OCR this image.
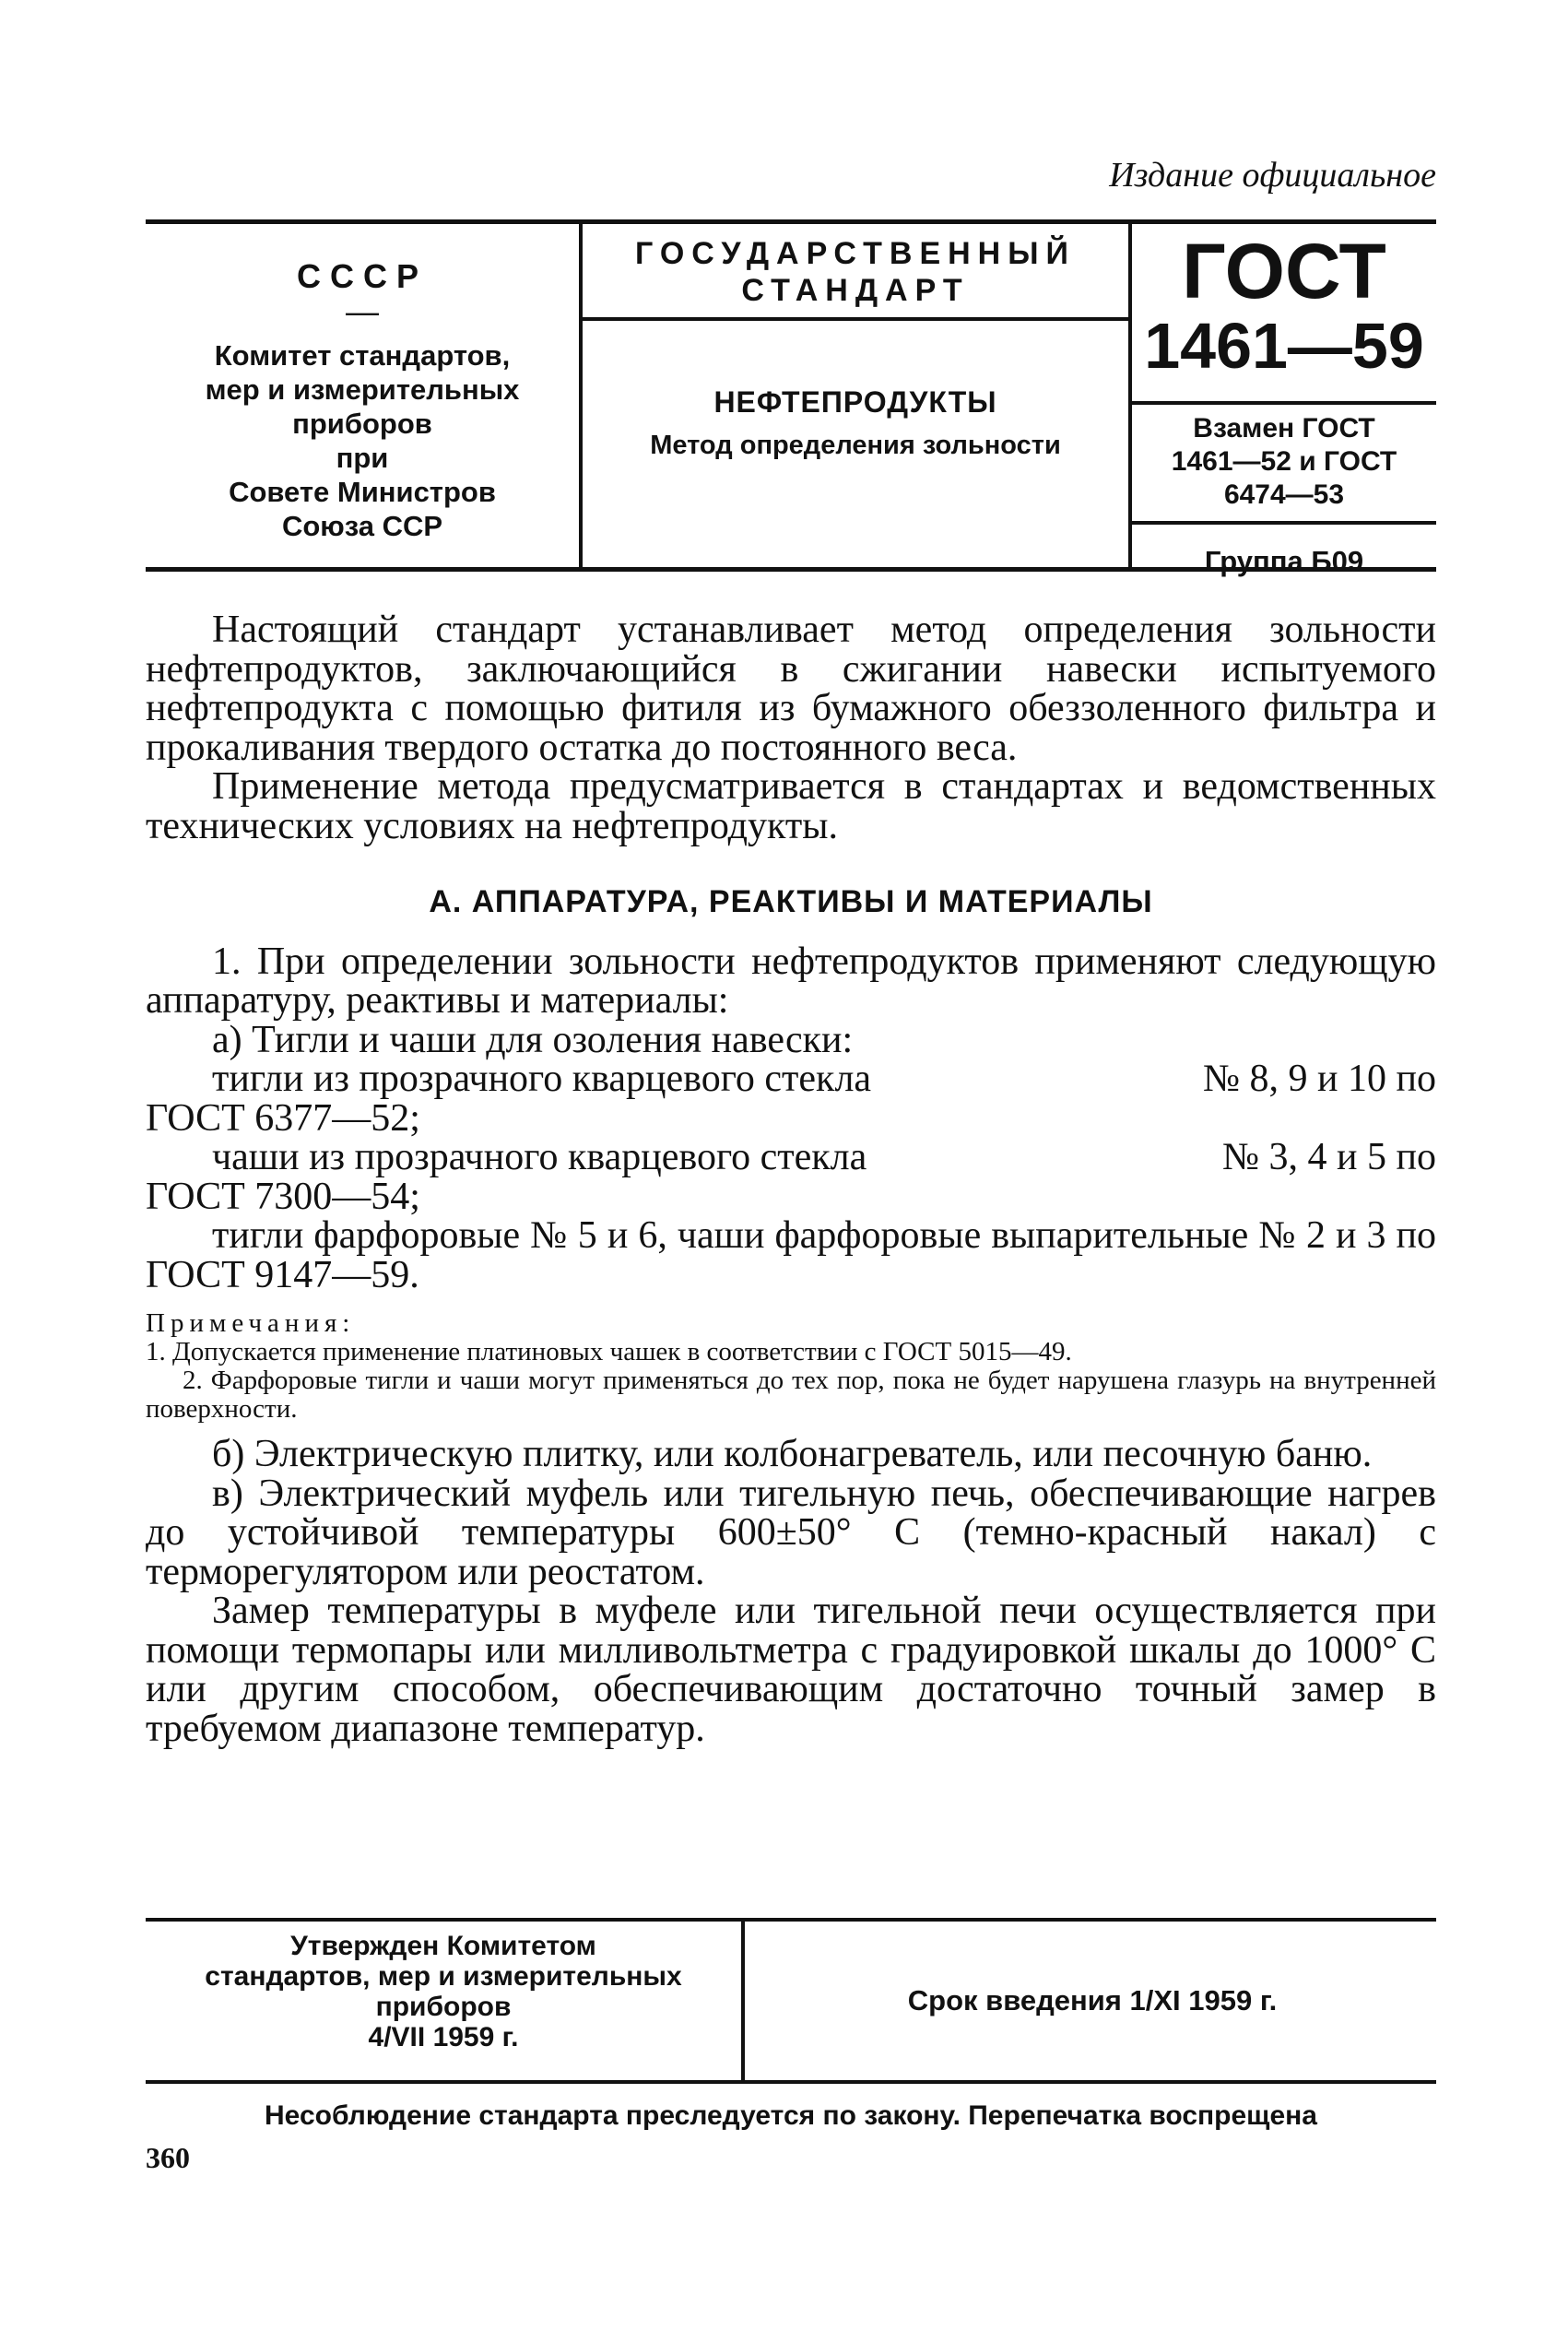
Издание официальное
СССР
—
Комитет стандартов,
мер и измерительных
приборов
при
Совете Министров
Союза ССР
ГОСУДАРСТВЕННЫЙ
СТАНДАРТ
НЕФТЕПРОДУКТЫ
Метод определения зольности
ГОСТ
1461—59
Взамен ГОСТ
1461—52 и ГОСТ
6474—53
Группа Б09

Настоящий стандарт устанавливает метод определения зольности нефтепродуктов, заключающийся в сжигании навески испытуемого нефтепродукта с помощью фитиля из бумажного обеззоленного фильтра и прокаливания твердого остатка до постоянного веса.

Применение метода предусматривается в стандартах и ведомственных технических условиях на нефтепродукты.

А. АППАРАТУРА, РЕАКТИВЫ И МАТЕРИАЛЫ

1. При определении зольности нефтепродуктов применяют следующую аппаратуру, реактивы и материалы:

а) Тигли и чаши для озоления навески:

тигли из прозрачного кварцевого стекла	№ 8, 9 и 10 по

ГОСТ 6377—52;

чаши из прозрачного кварцевого стекла	№ 3, 4 и 5 по

ГОСТ 7300—54;

тигли фарфоровые № 5 и 6, чаши фарфоровые выпарительные № 2 и 3 по ГОСТ 9147—59.

Примечания:

1. Допускается применение платиновых чашек в соответствии с ГОСТ 5015—49.

2. Фарфоровые тигли и чаши могут применяться до тех пор, пока не будет нарушена глазурь на внутренней поверхности.

б) Электрическую плитку, или колбонагреватель, или песочную баню.

в) Электрический муфель или тигельную печь, обеспечивающие нагрев до устойчивой температуры 600±50° С (темно-красный накал) с терморегулятором или реостатом.

Замер температуры в муфеле или тигельной печи осуществляется при помощи термопары или милливольтметра с градуировкой шкалы до 1000° С или другим способом, обеспечивающим достаточно точный замер в требуемом диапазоне температур.

Утвержден Комитетом
стандартов, мер и измерительных
приборов
4/VII 1959 г.
Срок введения 1/XI 1959 г.
Несоблюдение стандарта преследуется по закону. Перепечатка воспрещена
360
